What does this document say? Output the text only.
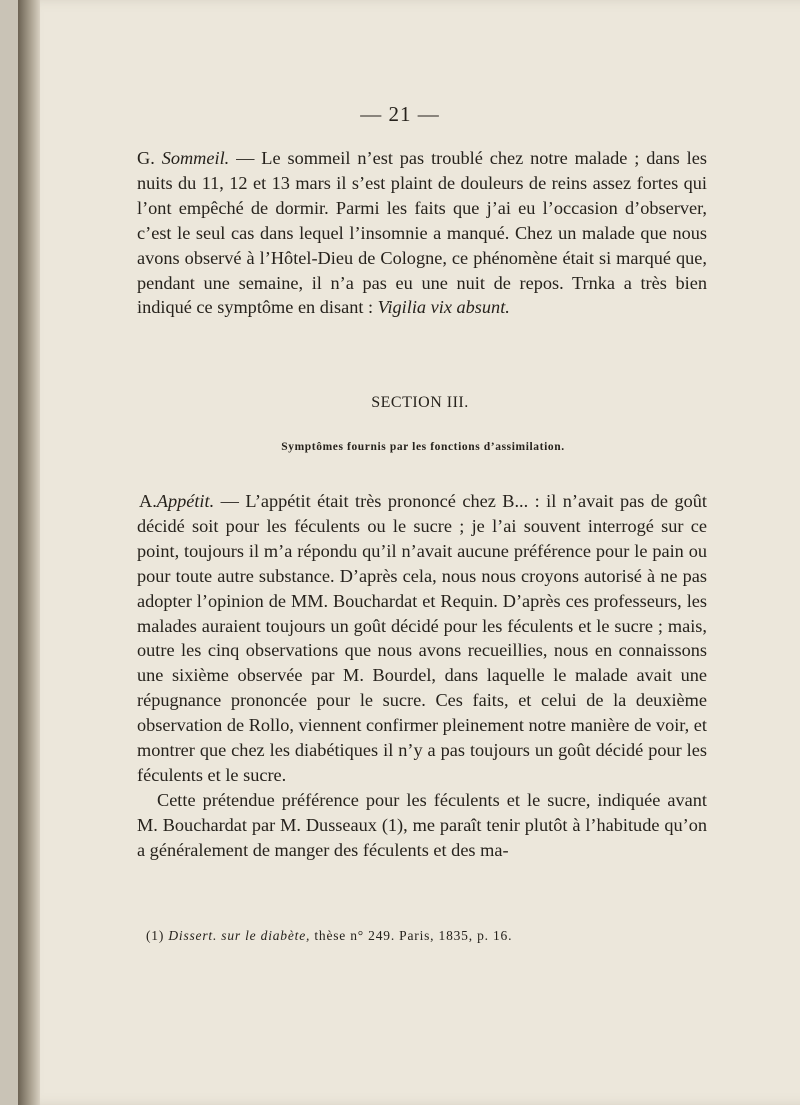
— 21 —

G. Sommeil. — Le sommeil n’est pas troublé chez notre malade ; dans les nuits du 11, 12 et 13 mars il s’est plaint de douleurs de reins assez fortes qui l’ont empêché de dormir. Parmi les faits que j’ai eu l’occasion d’observer, c’est le seul cas dans lequel l’insomnie a manqué. Chez un malade que nous avons observé à l’Hôtel-Dieu de Cologne, ce phénomène était si marqué que, pendant une semaine, il n’a pas eu une nuit de repos. Trnka a très bien indiqué ce symptôme en disant : Vigilia vix absunt.

SECTION III.
Symptômes fournis par les fonctions d’assimilation.

A.Appétit. — L’appétit était très prononcé chez B... : il n’avait pas de goût décidé soit pour les féculents ou le sucre ; je l’ai souvent interrogé sur ce point, toujours il m’a répondu qu’il n’avait aucune préférence pour le pain ou pour toute autre substance. D’après cela, nous nous croyons autorisé à ne pas adopter l’opinion de MM. Bouchardat et Requin. D’après ces professeurs, les malades auraient toujours un goût décidé pour les féculents et le sucre ; mais, outre les cinq observations que nous avons recueillies, nous en connaissons une sixième observée par M. Bourdel, dans laquelle le malade avait une répugnance prononcée pour le sucre. Ces faits, et celui de la deuxième observation de Rollo, viennent confirmer pleinement notre manière de voir, et montrer que chez les diabétiques il n’y a pas toujours un goût décidé pour les féculents et le sucre.

Cette prétendue préférence pour les féculents et le sucre, indiquée avant M. Bouchardat par M. Dusseaux (1), me paraît tenir plutôt à l’habitude qu’on a généralement de manger des féculents et des ma-

(1) Dissert. sur le diabète, thèse n° 249. Paris, 1835, p. 16.
